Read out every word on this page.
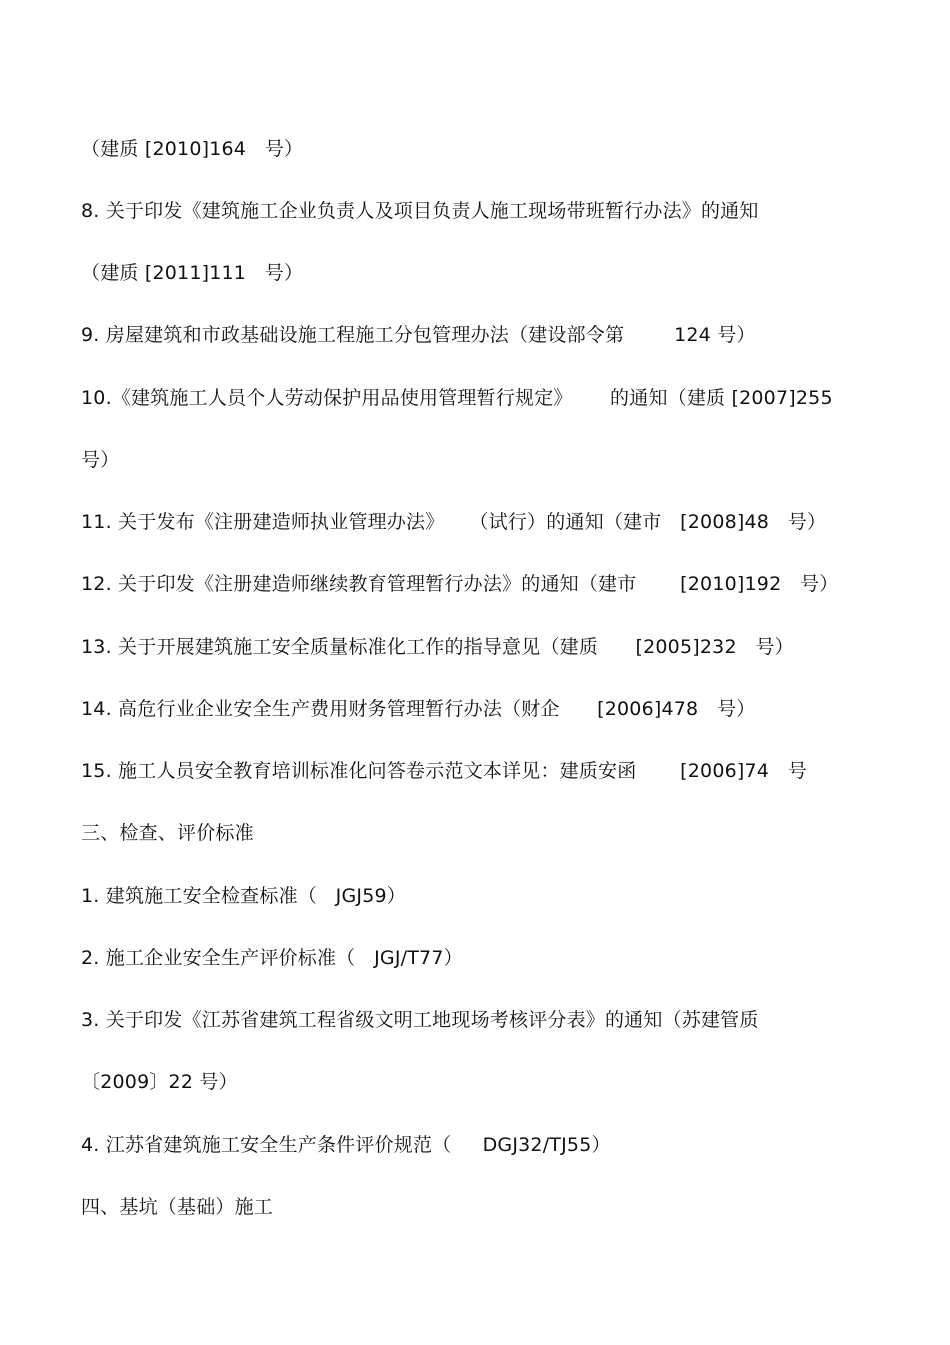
（建质 [2010]164   号）
8. 关于印发《建筑施工企业负责人及项目负责人施工现场带班暂行办法》的通知
（建质 [2011]111   号）
9. 房屋建筑和市政基础设施工程施工分包管理办法（建设部令第        124 号）
10.《建筑施工人员个人劳动保护用品使用管理暂行规定》      的通知（建质 [2007]255
号）
11. 关于发布《注册建造师执业管理办法》    （试行）的通知（建市   [2008]48   号）
12. 关于印发《注册建造师继续教育管理暂行办法》的通知（建市       [2010]192   号）
13. 关于开展建筑施工安全质量标准化工作的指导意见（建质      [2005]232   号）
14. 高危行业企业安全生产费用财务管理暂行办法（财企      [2006]478   号）
15. 施工人员安全教育培训标准化问答卷示范文本详见：建质安函       [2006]74   号
三、检查、评价标准
1. 建筑施工安全检查标准（   JGJ59）
2. 施工企业安全生产评价标准（   JGJ/T77）
3. 关于印发《江苏省建筑工程省级文明工地现场考核评分表》的通知（苏建管质
〔2009〕22 号）
4. 江苏省建筑施工安全生产条件评价规范（     DGJ32/TJ55）
四、基坑（基础）施工
